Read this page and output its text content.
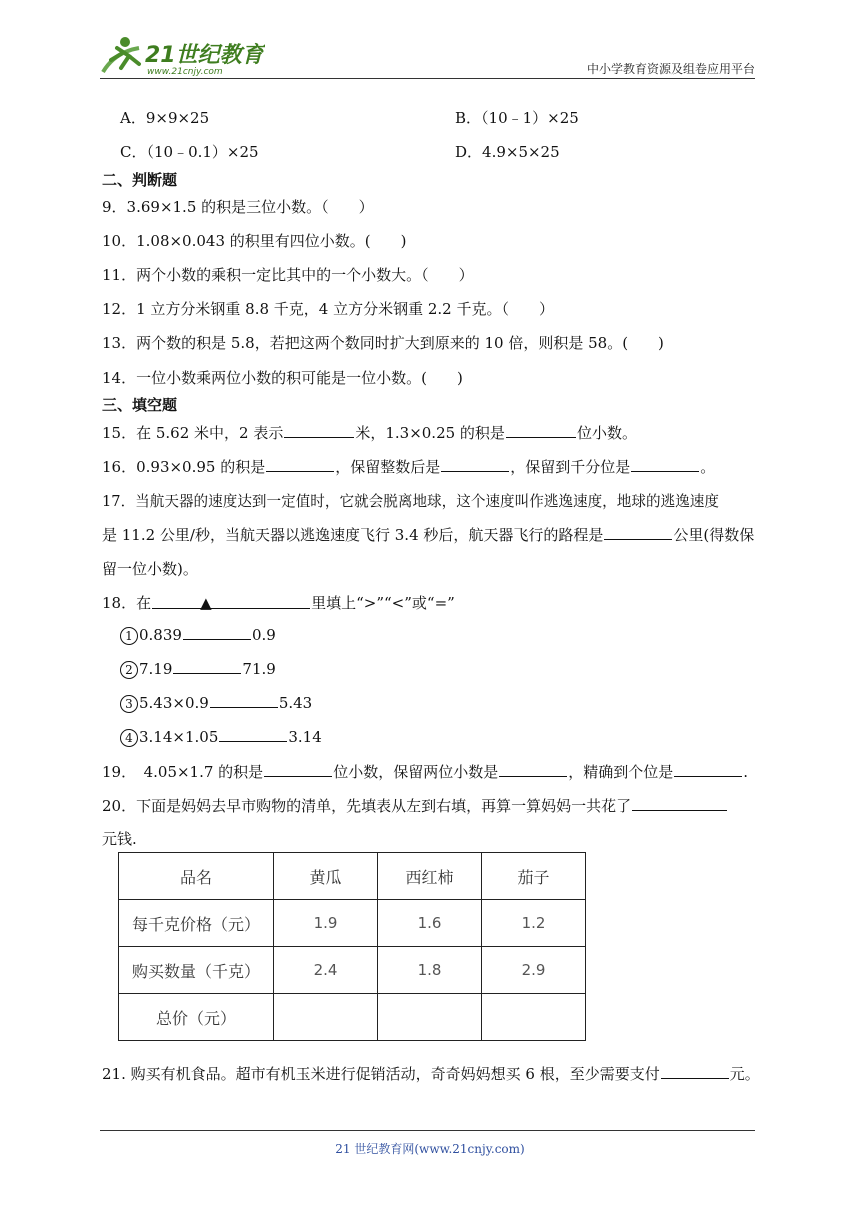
21世纪教育
www.21cnjy.com	中小学教育资源及组卷应用平台
A．9×9×25	B．（10﹣1）×25
C．（10﹣0.1）×25	D．4.9×5×25
二、判断题
9．3.69×1.5 的积是三位小数。（　　）
10．1.08×0.043 的积里有四位小数。(　　)
11．两个小数的乘积一定比其中的一个小数大。（　　）
12．1 立方分米钢重 8.8 千克，4 立方分米钢重 2.2 千克。（　　）
13．两个数的积是 5.8，若把这两个数同时扩大到原来的 10 倍，则积是 58。(　　)
14．一位小数乘两位小数的积可能是一位小数。(　　)
三、填空题
15．在 5.62 米中，2 表示	米，1.3×0.25 的积是	位小数。
16．0.93×0.95 的积是	，保留整数后是	，保留到千分位是	。
17．当航天器的速度达到一定值时，它就会脱离地球，这个速度叫作逃逸速度，地球的逃逸速度
是 11.2 公里/秒，当航天器以逃逸速度飞行 3.4 秒后，航天器飞行的路程是	公里(得数保
留一位小数)。
18．在	▲	里填上“>”“<”或“=”
1 0.839	0.9
2 7.19	71.9
3 5.43×0.9	5.43
4 3.14×1.05	3.14
19．　4.05×1.7 的积是	位小数，保留两位小数是	，精确到个位是	.
20．下面是妈妈去早市购物的清单，先填表从左到右填，再算一算妈妈一共花了
元钱.
品名	黄瓜	西红柿	茄子
每千克价格（元）	1.9	1.6	1.2
购买数量（千克）	2.4	1.8	2.9
总价（元）			
21. 购买有机食品。超市有机玉米进行促销活动，奇奇妈妈想买 6 根，至少需要支付	元。
21 世纪教育网(www.21cnjy.com)
